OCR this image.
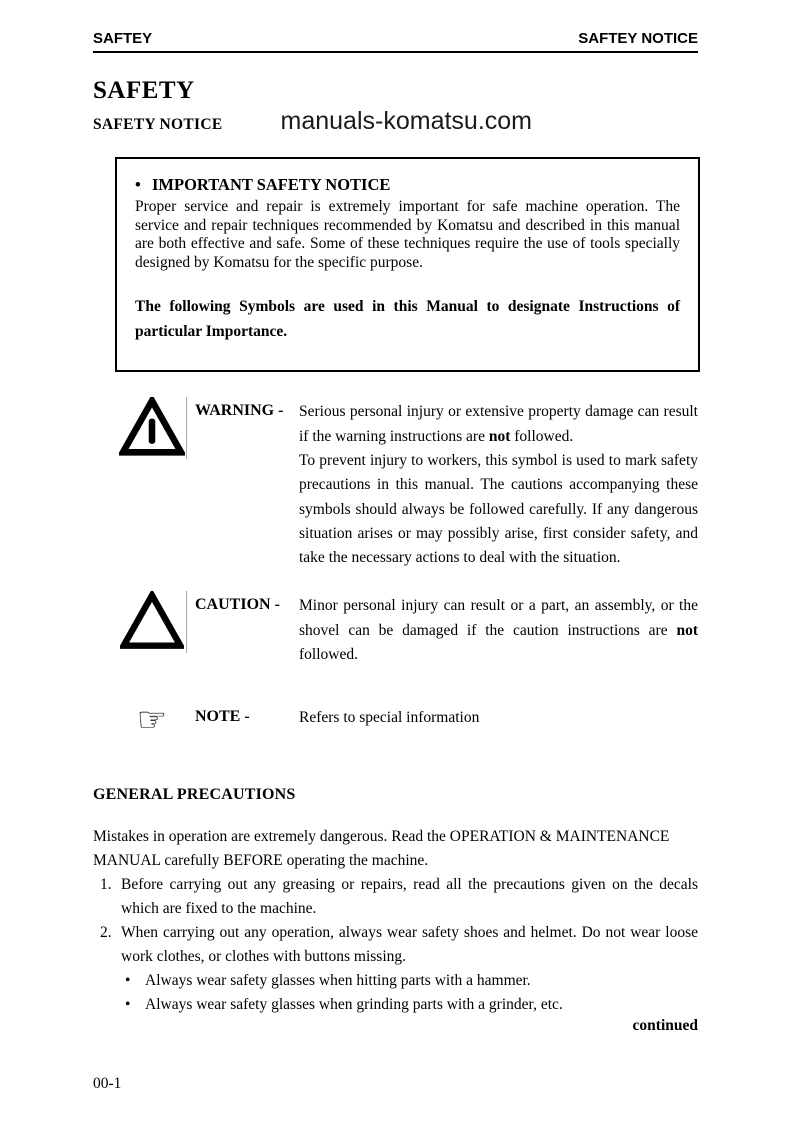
SAFTEY	SAFTEY NOTICE
SAFETY
SAFETY NOTICE manuals-komatsu.com
• IMPORTANT SAFETY NOTICE
Proper service and repair is extremely important for safe machine operation. The service and repair techniques recommended by Komatsu and described in this manual are both effective and safe. Some of these techniques require the use of tools specially designed by Komatsu for the specific purpose.
The following Symbols are used in this Manual to designate Instructions of particular Importance.
WARNING -	Serious personal injury or extensive property damage can result if the warning instructions are not followed.

To prevent injury to workers, this symbol is used to mark safety precautions in this manual. The cautions accompanying these symbols should always be followed carefully. If any dangerous situation arises or may possibly arise, first consider safety, and take the necessary actions to deal with the situation.

CAUTION -	Minor personal injury can result or a part, an assembly, or the shovel can be damaged if the caution instructions are not followed.

☞	NOTE -	Refers to special information
GENERAL PRECAUTIONS
Mistakes in operation are extremely dangerous. Read the OPERATION & MAINTENANCE MANUAL carefully BEFORE operating the machine.
1. Before carrying out any greasing or repairs, read all the precautions given on the decals which are fixed to the machine.
2. When carrying out any operation, always wear safety shoes and helmet. Do not wear loose work clothes, or clothes with buttons missing.
• Always wear safety glasses when hitting parts with a hammer.
• Always wear safety glasses when grinding parts with a grinder, etc.
continued
00-1
